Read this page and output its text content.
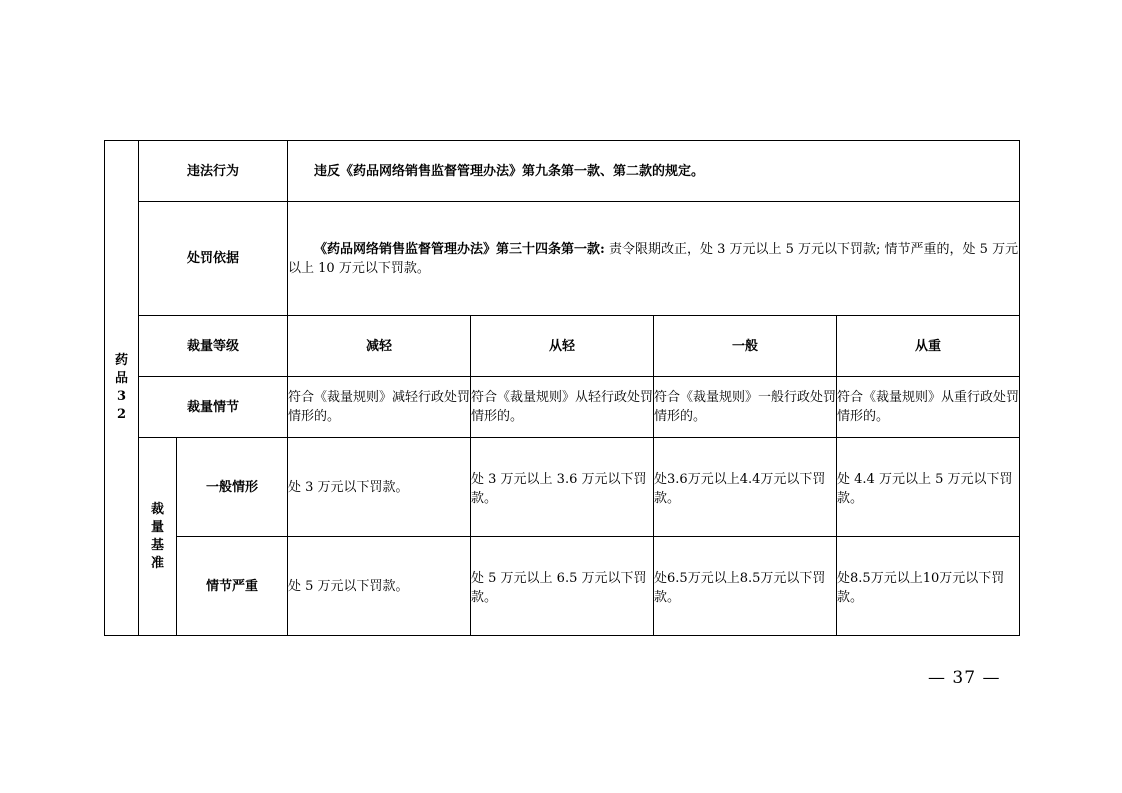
药品32	违法行为		违反《药品网络销售监督管理办法》第九条第一款、第二款的规定。			

	处罚依据		《药品网络销售监督管理办法》第三十四条第一款: 责令限期改正，处 3 万元以上 5 万元以下罚款; 情节严重的，处 5 万元以上 10 万元以下罚款。			

	裁量等级		减轻	从轻	一般	从重
	裁量情节		符合《裁量规则》减轻行政处罚情形的。	符合《裁量规则》从轻行政处罚情形的。	符合《裁量规则》一般行政处罚情形的。	符合《裁量规则》从重行政处罚情形的。

	裁量基准	一般情形	处 3 万元以下罚款。	处 3 万元以上 3.6 万元以下罚款。	处3.6万元以上4.4万元以下罚款。	处 4.4 万元以上 5 万元以下罚款。
		情节严重	处 5 万元以下罚款。	处 5 万元以上 6.5 万元以下罚款。	处6.5万元以上8.5万元以下罚款。	处8.5万元以上10万元以下罚款。
— 37 —
